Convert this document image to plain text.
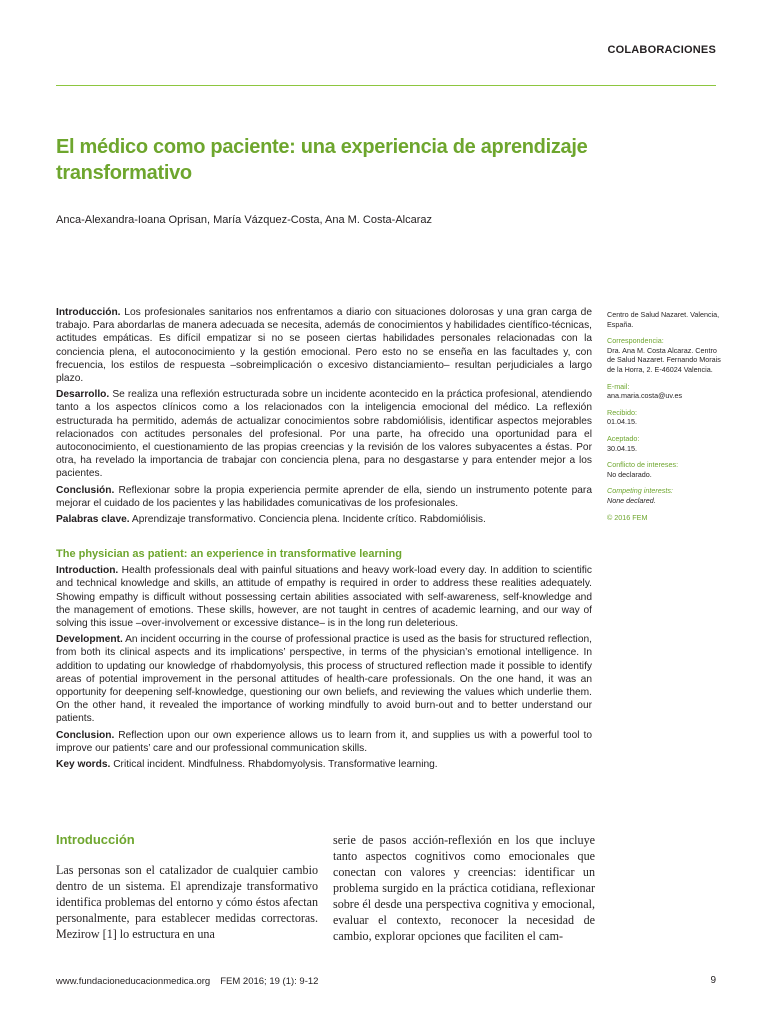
COLABORACIONES
El médico como paciente: una experiencia de aprendizaje transformativo

Anca-Alexandra-Ioana Oprisan, María Vázquez-Costa, Ana M. Costa-Alcaraz

Introducción. Los profesionales sanitarios nos enfrentamos a diario con situaciones dolorosas y una gran carga de trabajo. Para abordarlas de manera adecuada se necesita, además de conocimientos y habilidades científico-técnicas, actitudes empáticas. Es difícil empatizar si no se poseen ciertas habilidades personales relacionadas con la conciencia plena, el autoconocimiento y la gestión emocional. Pero esto no se enseña en las facultades y, con frecuencia, los estilos de respuesta –sobreimplicación o excesivo distanciamiento– resultan perjudiciales a largo plazo.

Desarrollo. Se realiza una reflexión estructurada sobre un incidente acontecido en la práctica profesional, atendiendo tanto a los aspectos clínicos como a los relacionados con la inteligencia emocional del médico. La reflexión estructurada ha permitido, además de actualizar conocimientos sobre rabdomiólisis, identificar aspectos mejorables relacionados con actitudes personales del profesional. Por una parte, ha ofrecido una oportunidad para el autoconocimiento, el cuestionamiento de las propias creencias y la revisión de los valores subyacentes a éstas. Por otra, ha revelado la importancia de trabajar con conciencia plena, para no desgastarse y para entender mejor a los pacientes.

Conclusión. Reflexionar sobre la propia experiencia permite aprender de ella, siendo un instrumento potente para mejorar el cuidado de los pacientes y las habilidades comunicativas de los profesionales.

Palabras clave. Aprendizaje transformativo. Conciencia plena. Incidente crítico. Rabdomiólisis.

The physician as patient: an experience in transformative learning

Introduction. Health professionals deal with painful situations and heavy work-load every day. In addition to scientific and technical knowledge and skills, an attitude of empathy is required in order to address these realities adequately. Showing empathy is difficult without possessing certain abilities associated with self-awareness, self-knowledge and the management of emotions. These skills, however, are not taught in centres of academic learning, and our way of solving this issue –over-involvement or excessive distance– is in the long run deleterious.

Development. An incident occurring in the course of professional practice is used as the basis for structured reflection, from both its clinical aspects and its implications’ perspective, in terms of the physician’s emotional intelligence. In addition to updating our knowledge of rhabdomyolysis, this process of structured reflection made it possible to identify areas of potential improvement in the personal attitudes of health-care professionals. On the one hand, it was an opportunity for deepening self-knowledge, questioning our own beliefs, and reviewing the values which underlie them. On the other hand, it revealed the importance of working mindfully to avoid burn-out and to better understand our patients.

Conclusion. Reflection upon our own experience allows us to learn from it, and supplies us with a powerful tool to improve our patients’ care and our professional communication skills.

Key words. Critical incident. Mindfulness. Rhabdomyolysis. Transformative learning.

Centro de Salud Nazaret. Valencia, España.
Correspondencia:
Dra. Ana M. Costa Alcaraz. Centro de Salud Nazaret. Fernando Morais de la Horra, 2. E-46024 Valencia.
E-mail:
ana.maria.costa@uv.es
Recibido:
01.04.15.
Aceptado:
30.04.15.
Conflicto de intereses:
No declarado.
Competing interests:
None declared.
© 2016 FEM
Introducción

Las personas son el catalizador de cualquier cambio dentro de un sistema. El aprendizaje transformativo identifica problemas del entorno y cómo éstos afectan personalmente, para establecer medidas correctoras. Mezirow [1] lo estructura en una

serie de pasos acción-reflexión en los que incluye tanto aspectos cognitivos como emocionales que conectan con valores y creencias: identificar un problema surgido en la práctica cotidiana, reflexionar sobre él desde una perspectiva cognitiva y emocional, evaluar el contexto, reconocer la necesidad de cambio, explorar opciones que faciliten el cam-

www.fundacioneducacionmedica.org FEM 2016; 19 (1): 9-12	9
